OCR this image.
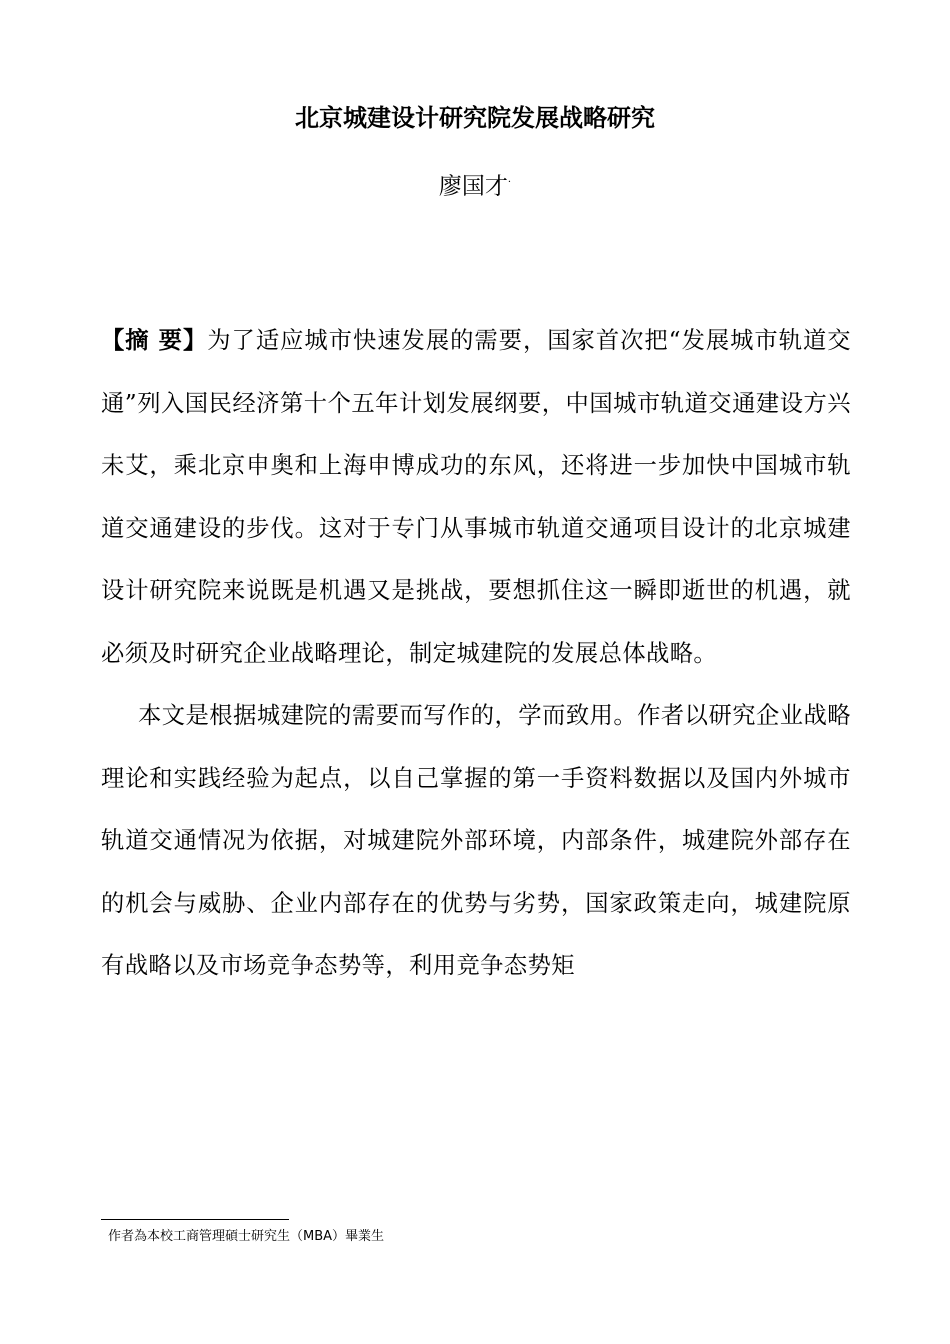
北京城建设计研究院发展战略研究
廖国才·

【摘 要】为了适应城市快速发展的需要，国家首次把“发展城市轨道交通”列入国民经济第十个五年计划发展纲要，中国城市轨道交通建设方兴未艾，乘北京申奥和上海申博成功的东风，还将进一步加快中国城市轨道交通建设的步伐。这对于专门从事城市轨道交通项目设计的北京城建设计研究院来说既是机遇又是挑战，要想抓住这一瞬即逝世的机遇，就必须及时研究企业战略理论，制定城建院的发展总体战略。

本文是根据城建院的需要而写作的，学而致用。作者以研究企业战略理论和实践经验为起点，以自己掌握的第一手资料数据以及国内外城市轨道交通情况为依据，对城建院外部环境，内部条件，城建院外部存在的机会与威胁、企业内部存在的优势与劣势，国家政策走向，城建院原有战略以及市场竞争态势等，利用竞争态势矩

作者為本校工商管理碩士研究生（MBA）畢業生
